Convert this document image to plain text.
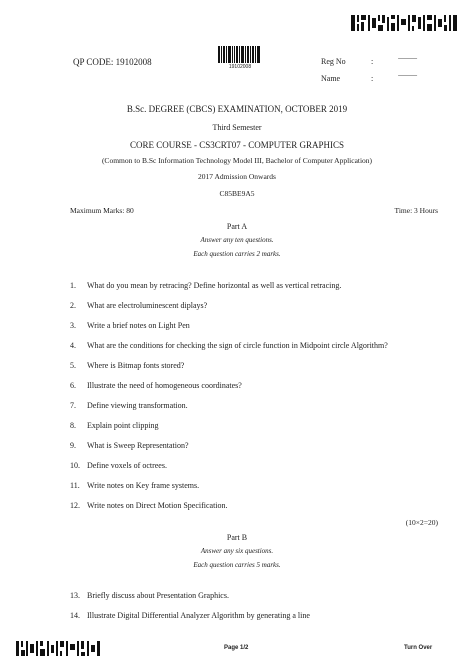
QP CODE: 19102008	19102008
Reg No	:	...................
Name	:	...................
B.Sc. DEGREE (CBCS) EXAMINATION, OCTOBER 2019
Third Semester
CORE COURSE - CS3CRT07 - COMPUTER GRAPHICS
(Common to B.Sc Information Technology Model III, Bachelor of Computer Application)
2017 Admission Onwards
C85BE9A5
Maximum Marks: 80	Time: 3 Hours
Part A
Answer any ten questions.
Each question carries 2 marks.
1. What do you mean by retracing? Define horizontal as well as vertical retracing.
2. What are electroluminescent diplays?
3. Write a brief notes on Light Pen
4. What are the conditions for checking the sign of circle function in Midpoint circle Algorithm?
5. Where is Bitmap fonts stored?
6. Illustrate the need of homogeneous coordinates?
7. Define viewing transformation.
8. Explain point clipping
9. What is Sweep Representation?
10. Define voxels of octrees.
11. Write notes on Key frame systems.
12. Write notes on Direct Motion Specification.
(10×2=20)
Part B
Answer any six questions.
Each question carries 5 marks.
13. Briefly discuss about Presentation Graphics.
14. Illustrate Digital Differential Analyzer Algorithm by generating a line
Page 1/2	Turn Over
